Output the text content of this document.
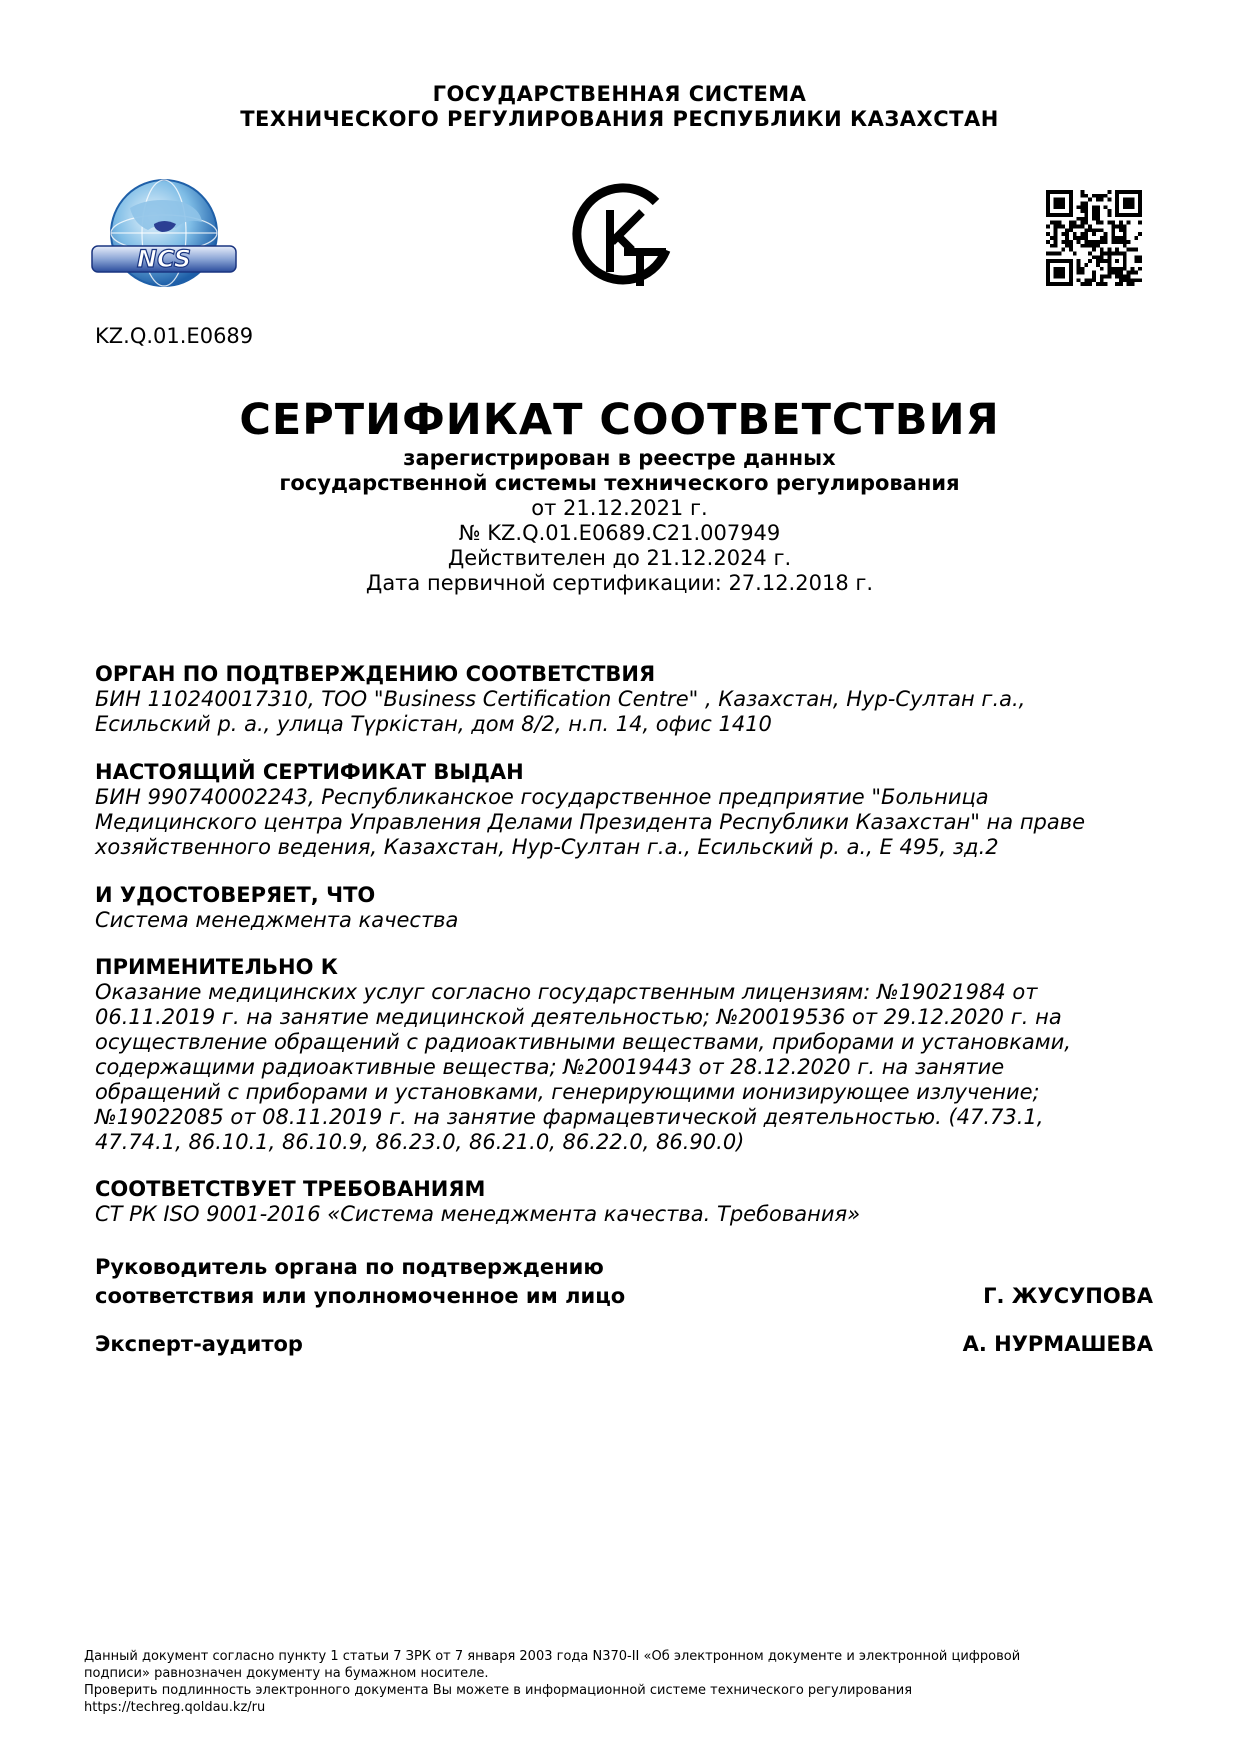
ГОСУДАРСТВЕННАЯ СИСТЕМА
ТЕХНИЧЕСКОГО РЕГУЛИРОВАНИЯ РЕСПУБЛИКИ КАЗАХСТАН
NCS
KZ
KZ.Q.01.E0689
СЕРТИФИКАТ СООТВЕТСТВИЯ
зарегистрирован в реестре данных
государственной системы технического регулирования
от 21.12.2021 г.
№ KZ.Q.01.E0689.C21.007949
Действителен до 21.12.2024 г.
Дата первичной сертификации: 27.12.2018 г.
ОРГАН ПО ПОДТВЕРЖДЕНИЮ СООТВЕТСТВИЯ
БИН 110240017310, ТОО "Business Certification Centre" , Казахстан, Нур-Султан г.а.,
Есильский р. а., улица Түркістан, дом 8/2, н.п. 14, офис 1410
НАСТОЯЩИЙ СЕРТИФИКАТ ВЫДАН
БИН 990740002243, Республиканское государственное предприятие "Больница
Медицинского центра Управления Делами Президента Республики Казахстан" на праве
хозяйственного ведения, Казахстан, Нур-Султан г.а., Есильский р. а., Е 495, зд.2
И УДОСТОВЕРЯЕТ, ЧТО
Система менеджмента качества
ПРИМЕНИТЕЛЬНО К
Оказание медицинских услуг согласно государственным лицензиям: №19021984 от
06.11.2019 г. на занятие медицинской деятельностью; №20019536 от 29.12.2020 г. на
осуществление обращений с радиоактивными веществами, приборами и установками,
содержащими радиоактивные вещества; №20019443 от 28.12.2020 г. на занятие
обращений с приборами и установками, генерирующими ионизирующее излучение;
№19022085 от 08.11.2019 г. на занятие фармацевтической деятельностью. (47.73.1,
47.74.1, 86.10.1, 86.10.9, 86.23.0, 86.21.0, 86.22.0, 86.90.0)
СООТВЕТСТВУЕТ ТРЕБОВАНИЯМ
СТ РК ISO 9001-2016 «Система менеджмента качества. Требования»
Руководитель органа по подтверждению
соответствия или уполномоченное им лицо	Г. ЖУСУПОВА
Эксперт-аудитор	А. НУРМАШЕВА
Данный документ согласно пункту 1 статьи 7 ЗРК от 7 января 2003 года N370-II «Об электронном документе и электронной цифровой
подписи» равнозначен документу на бумажном носителе.
Проверить подлинность электронного документа Вы можете в информационной системе технического регулирования
https://techreg.qoldau.kz/ru
